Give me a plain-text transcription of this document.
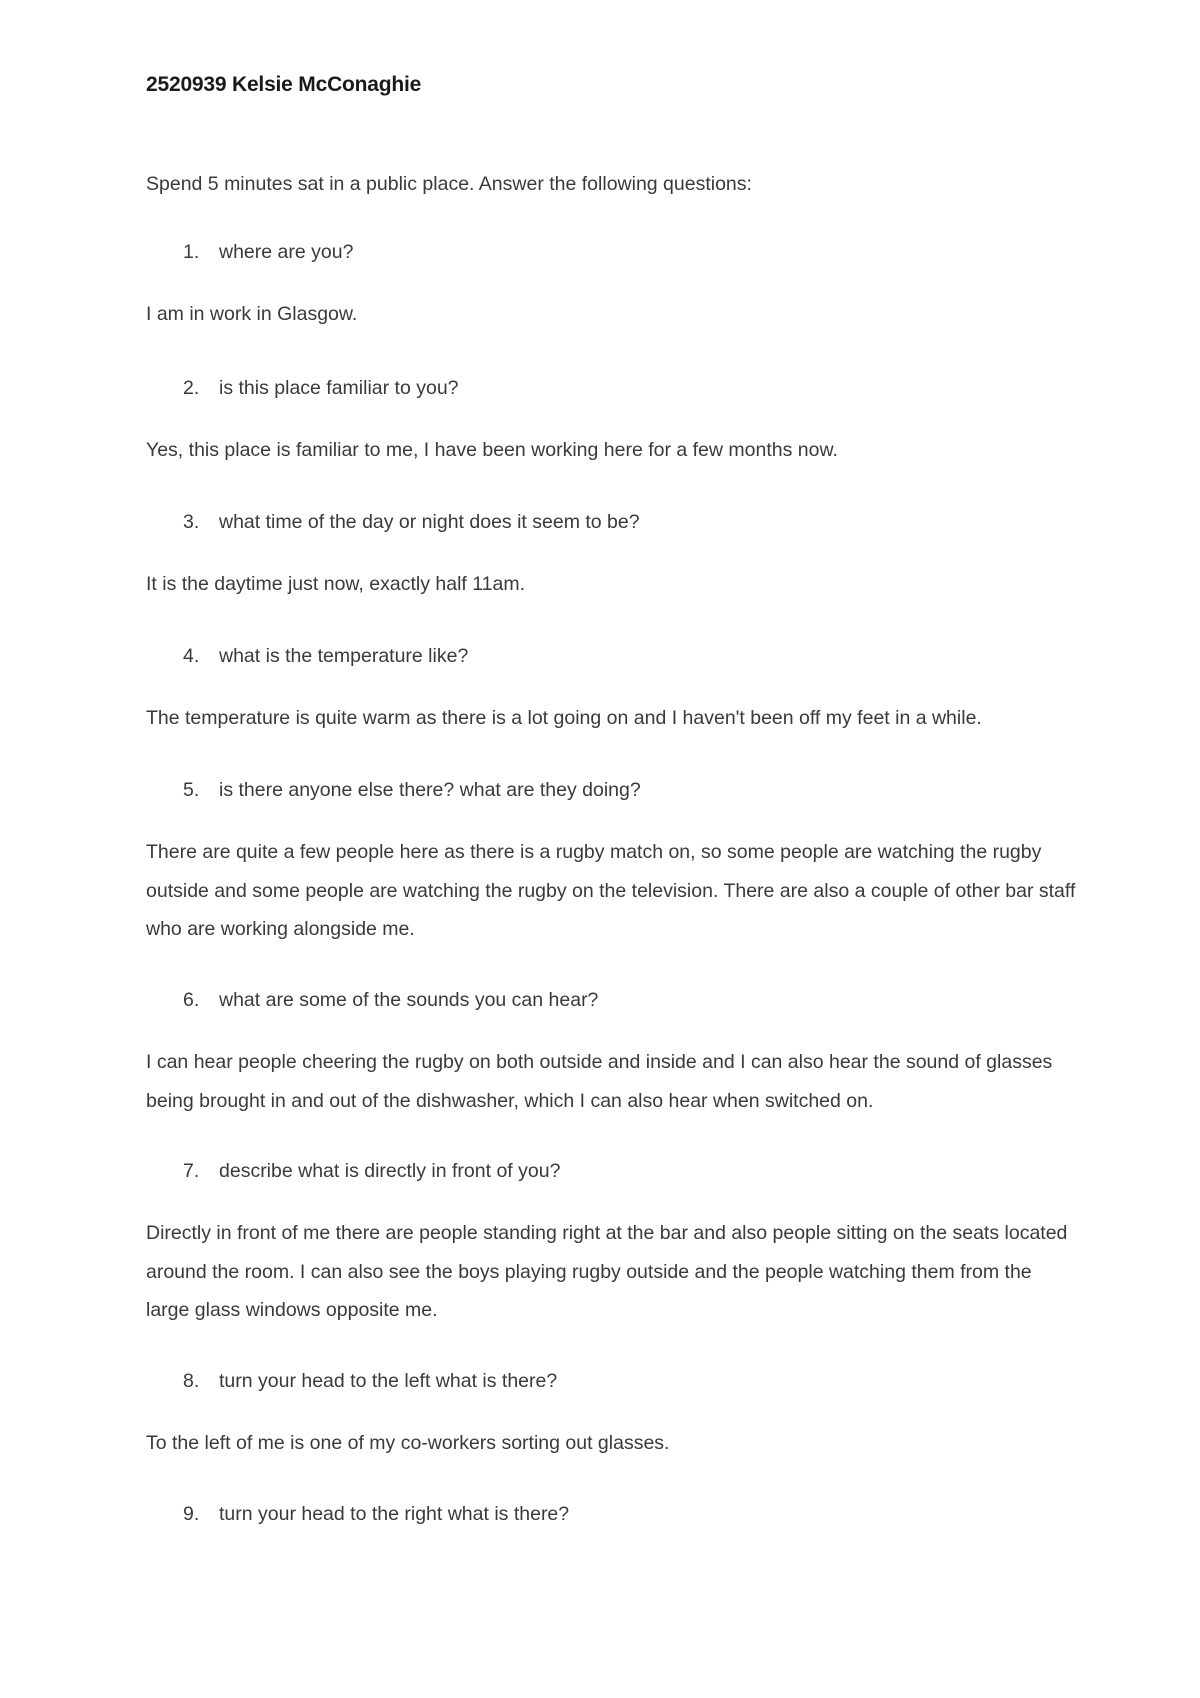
2520939 Kelsie McConaghie
Spend 5 minutes sat in a public place. Answer the following questions:
1. where are you?
I am in work in Glasgow.
2. is this place familiar to you?
Yes, this place is familiar to me, I have been working here for a few months now.
3. what time of the day or night does it seem to be?
It is the daytime just now, exactly half 11am.
4. what is the temperature like?
The temperature is quite warm as there is a lot going on and I haven't been off my feet in a while.
5. is there anyone else there? what are they doing?
There are quite a few people here as there is a rugby match on, so some people are watching the rugby outside and some people are watching the rugby on the television. There are also a couple of other bar staff who are working alongside me.
6. what are some of the sounds you can hear?
I can hear people cheering the rugby on both outside and inside and I can also hear the sound of glasses being brought in and out of the dishwasher, which I can also hear when switched on.
7. describe what is directly in front of you?
Directly in front of me there are people standing right at the bar and also people sitting on the seats located around the room. I can also see the boys playing rugby outside and the people watching them from the large glass windows opposite me.
8. turn your head to the left what is there?
To the left of me is one of my co-workers sorting out glasses.
9. turn your head to the right what is there?
